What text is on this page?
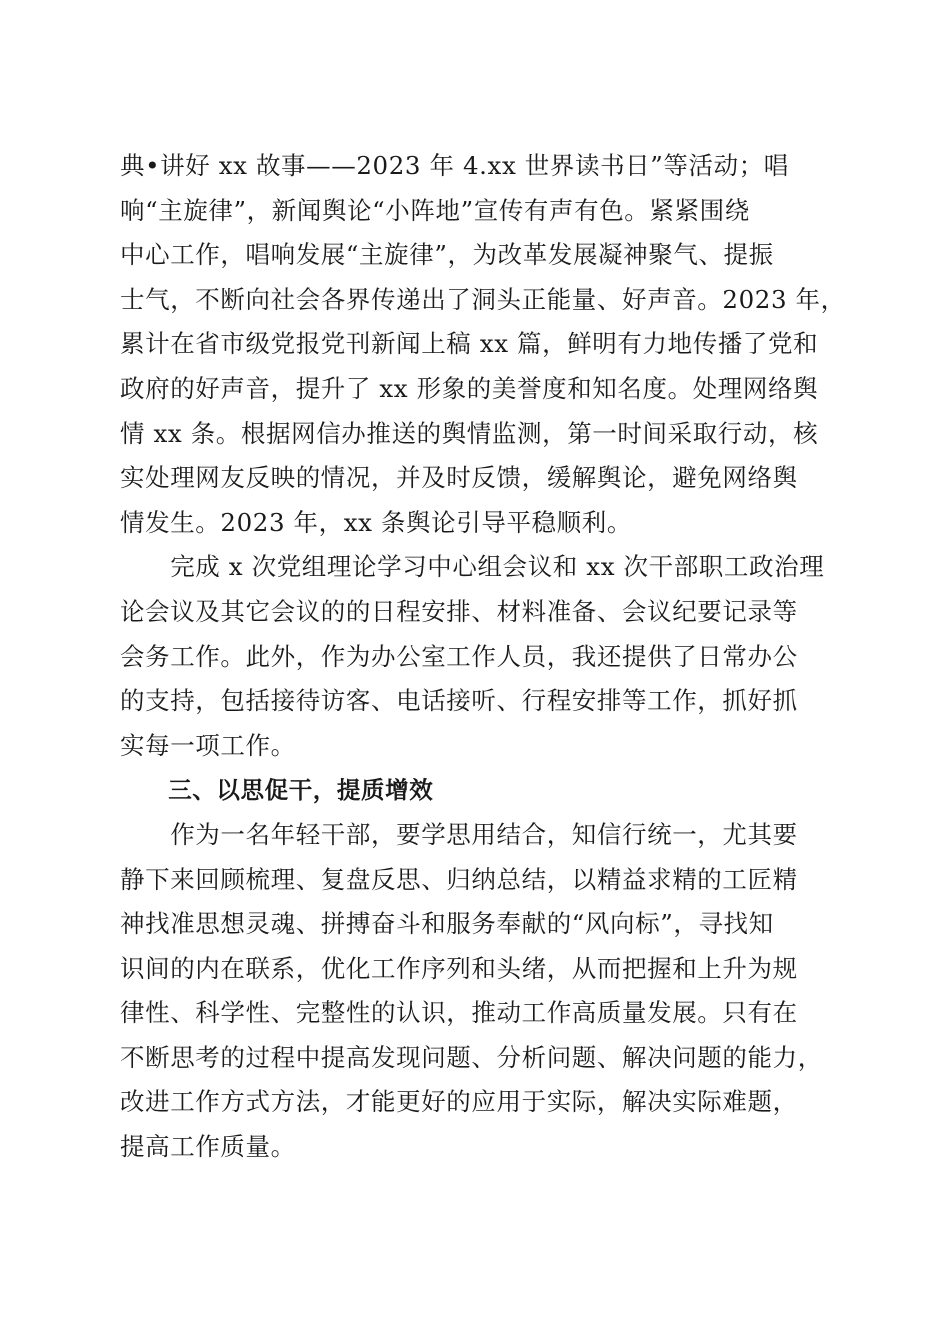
典•讲好 xx 故事——2023 年 4.xx 世界读书日”等活动；唱

响“主旋律”，新闻舆论“小阵地”宣传有声有色。紧紧围绕

中心工作，唱响发展“主旋律”，为改革发展凝神聚气、提振

士气，不断向社会各界传递出了洞头正能量、好声音。2023 年，

累计在省市级党报党刊新闻上稿 xx 篇，鲜明有力地传播了党和

政府的好声音，提升了 xx 形象的美誉度和知名度。处理网络舆

情 xx 条。根据网信办推送的舆情监测，第一时间采取行动，核

实处理网友反映的情况，并及时反馈，缓解舆论，避免网络舆

情发生。2023 年，xx 条舆论引导平稳顺利。

　　完成 x 次党组理论学习中心组会议和 xx 次干部职工政治理

论会议及其它会议的的日程安排、材料准备、会议纪要记录等

会务工作。此外，作为办公室工作人员，我还提供了日常办公

的支持，包括接待访客、电话接听、行程安排等工作，抓好抓

实每一项工作。

　　三、以思促干，提质增效

　　作为一名年轻干部，要学思用结合，知信行统一，尤其要

静下来回顾梳理、复盘反思、归纳总结，以精益求精的工匠精

神找准思想灵魂、拼搏奋斗和服务奉献的“风向标”，寻找知

识间的内在联系，优化工作序列和头绪，从而把握和上升为规

律性、科学性、完整性的认识，推动工作高质量发展。只有在

不断思考的过程中提高发现问题、分析问题、解决问题的能力，

改进工作方式方法，才能更好的应用于实际，解决实际难题，

提高工作质量。
